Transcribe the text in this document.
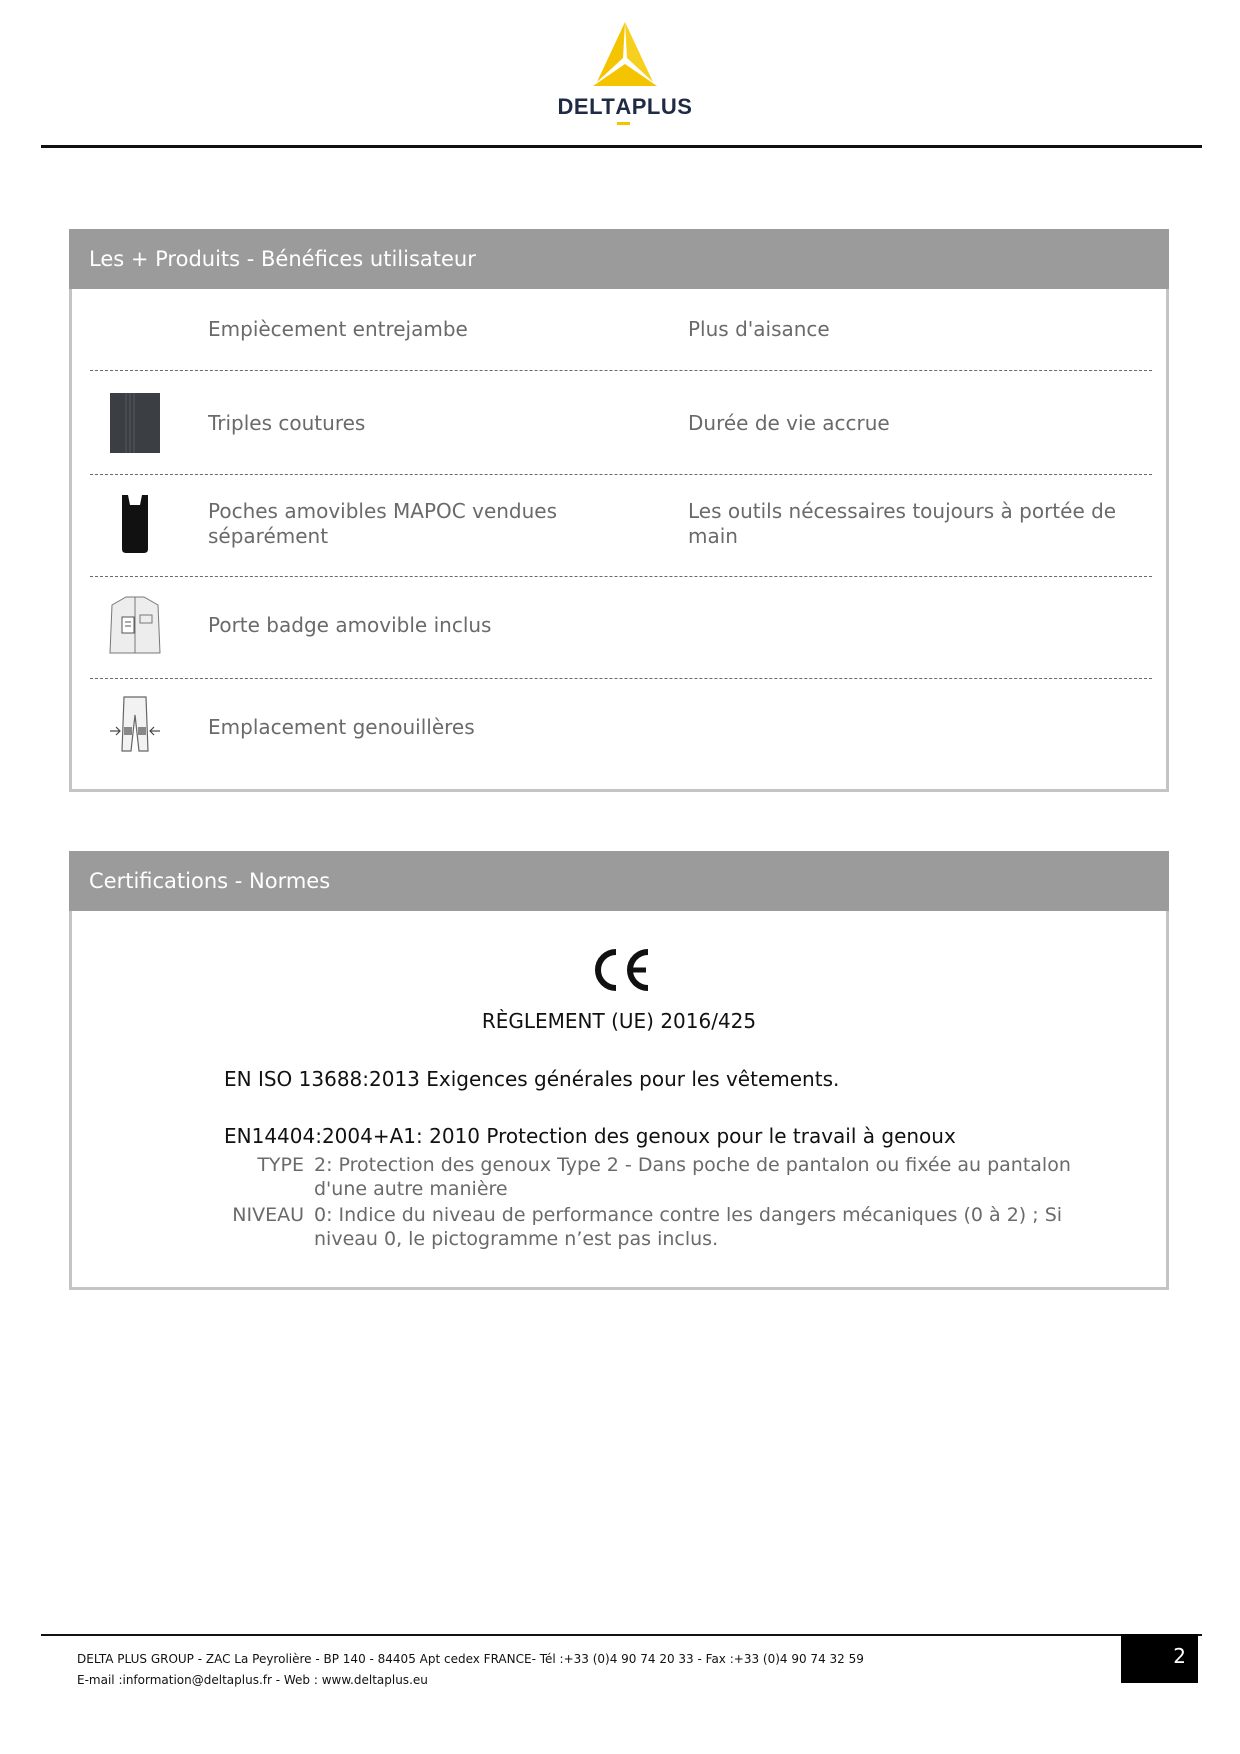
DELTAPLUS
Les + Produits - Bénéfices utilisateur
Empiècement entrejambe	Plus d'aisance
Triples coutures	Durée de vie accrue
Poches amovibles MAPOC vendues séparément
Les outils nécessaires toujours à portée de main
Porte badge amovible inclus
Emplacement genouillères
Certifications - Normes
RÈGLEMENT (UE) 2016/425
EN ISO 13688:2013 Exigences générales pour les vêtements.
EN14404:2004+A1: 2010 Protection des genoux pour le travail à genoux
TYPE 2: Protection des genoux Type 2 - Dans poche de pantalon ou fixée au pantalon d'une autre manière
NIVEAU 0: Indice du niveau de performance contre les dangers mécaniques (0 à 2) ; Si niveau 0, le pictogramme n’est pas inclus.
DELTA PLUS GROUP - ZAC La Peyrolière - BP 140 - 84405 Apt cedex FRANCE- Tél :+33 (0)4 90 74 20 33 - Fax :+33 (0)4 90 74 32 59
E-mail :information@deltaplus.fr - Web : www.deltaplus.eu
2
